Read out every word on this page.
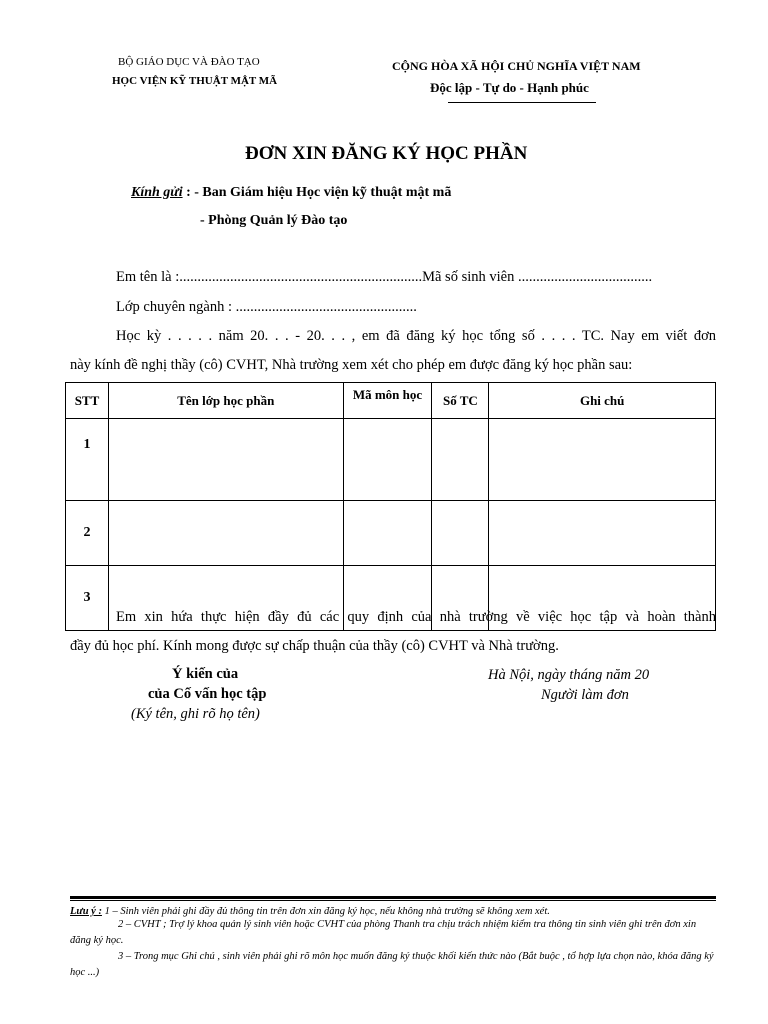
BỘ GIÁO DỤC VÀ ĐÀO TẠO
HỌC VIỆN KỸ THUẬT MẬT MÃ
CỘNG HÒA XÃ HỘI CHỦ NGHĨA VIỆT NAM
Độc lập - Tự do - Hạnh phúc
ĐƠN XIN ĐĂNG KÝ HỌC PHẦN
Kính gửi : - Ban Giám hiệu Học viện kỹ thuật mật mã
- Phòng Quản lý Đào tạo
Em tên là :...................................................................Mã số sinh viên .....................................
Lớp chuyên ngành : ..................................................
Học kỳ . . . . . năm 20. . . - 20. . . , em đã đăng ký học tổng số . . . . TC. Nay em viết đơn
này kính đề nghị thầy (cô) CVHT, Nhà trường xem xét cho phép em được đăng ký học phần sau:
STT	Tên lớp học phần	Mã môn học	Số TC	Ghi chú
1				
2				
3				
Em xin hứa thực hiện đầy đủ các quy định của nhà trường về việc học tập và hoàn thành
đầy đủ học phí. Kính mong được sự chấp thuận của thầy (cô) CVHT và Nhà trường.
Ý kiến của
của Cố vấn học tập
(Ký tên, ghi rõ họ tên)
Hà Nội, ngày tháng năm 20
Người làm đơn
Lưu ý : 1 – Sinh viên phải ghi đầy đủ thông tin trên đơn xin đăng ký học, nếu không nhà trường sẽ không xem xét.
2 – CVHT ; Trợ lý khoa quản lý sinh viên hoặc CVHT của phòng Thanh tra chịu trách nhiệm kiểm tra thông tin sinh viên ghi trên đơn xin đăng ký học.
3 – Trong mục Ghi chú , sinh viên phải ghi rõ môn học muốn đăng ký thuộc khối kiến thức nào (Bắt buộc , tổ hợp lựa chọn nào, khóa đăng ký học ...)
